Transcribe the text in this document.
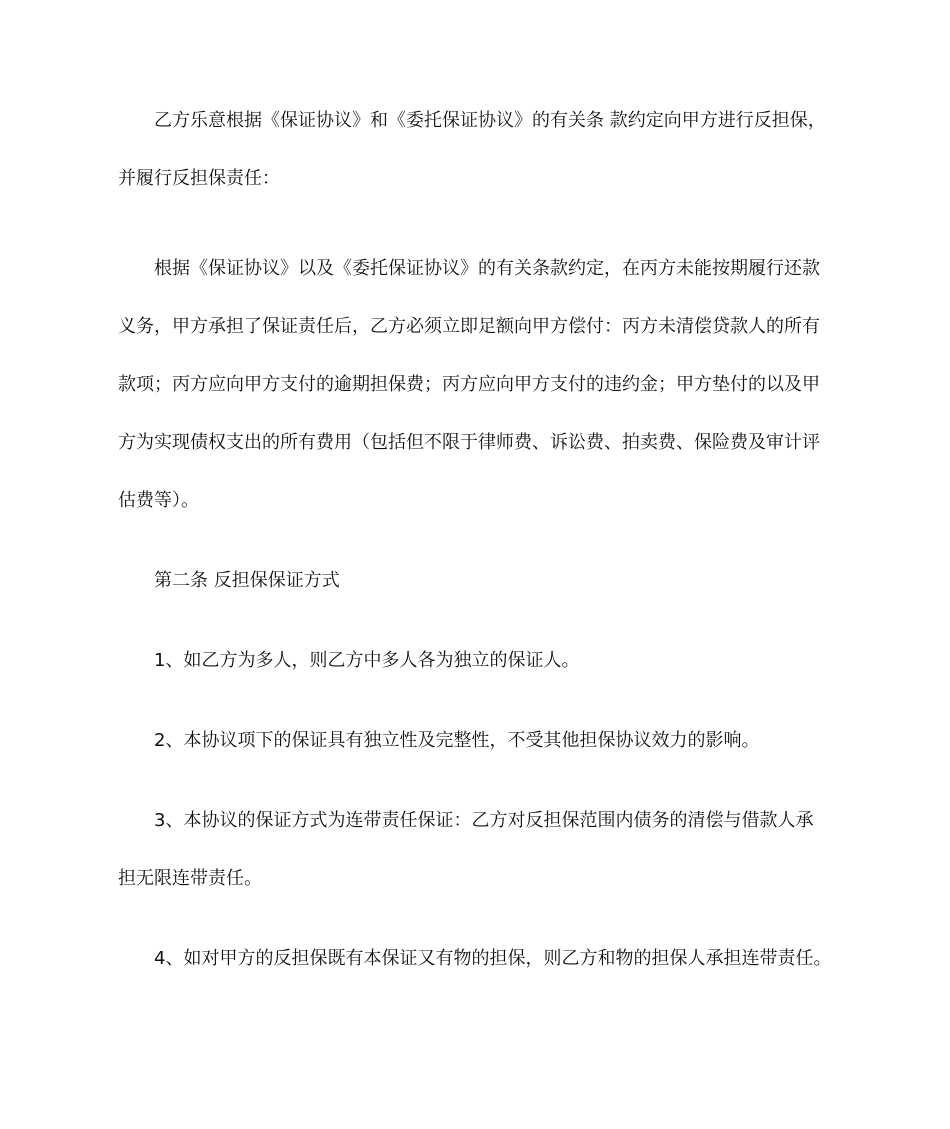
乙方乐意根据《保证协议》和《委托保证协议》的有关条 款约定向甲方进行反担保，
并履行反担保责任：

根据《保证协议》以及《委托保证协议》的有关条款约定，在丙方未能按期履行还款
义务，甲方承担了保证责任后，乙方必须立即足额向甲方偿付：丙方未清偿贷款人的所有
款项；丙方应向甲方支付的逾期担保费；丙方应向甲方支付的违约金；甲方垫付的以及甲
方为实现债权支出的所有费用（包括但不限于律师费、诉讼费、拍卖费、保险费及审计评
估费等）。

第二条 反担保保证方式

1、如乙方为多人，则乙方中多人各为独立的保证人。

2、本协议项下的保证具有独立性及完整性，不受其他担保协议效力的影响。

3、本协议的保证方式为连带责任保证：乙方对反担保范围内债务的清偿与借款人承
担无限连带责任。

4、如对甲方的反担保既有本保证又有物的担保，则乙方和物的担保人承担连带责任。
